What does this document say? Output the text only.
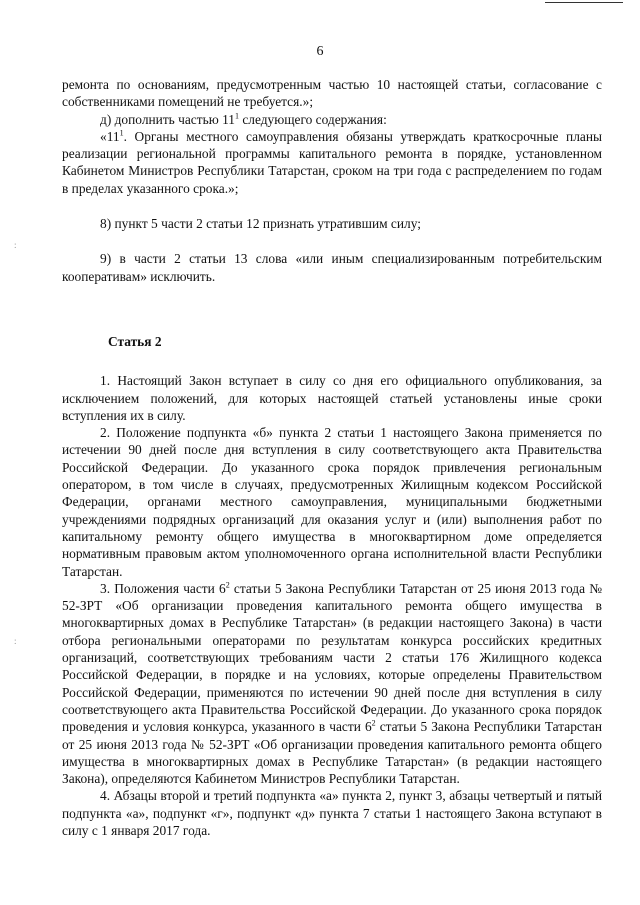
6
:
:

ремонта по основаниям, предусмотренным частью 10 настоящей статьи, согласование с собственниками помещений не требуется.»;

д) дополнить частью $11^1$ следующего содержания:

«$11^1$. Органы местного самоуправления обязаны утверждать краткосрочные планы реализации региональной программы капитального ремонта в порядке, установленном Кабинетом Министров Республики Татарстан, сроком на три года с распределением по годам в пределах указанного срока.»;

8) пункт 5 части 2 статьи 12 признать утратившим силу;

9) в части 2 статьи 13 слова «или иным специализированным потребительским кооперативам» исключить.

Статья 2

1. Настоящий Закон вступает в силу со дня его официального опубликования, за исключением положений, для которых настоящей статьей установлены иные сроки вступления их в силу.

2. Положение подпункта «б» пункта 2 статьи 1 настоящего Закона применяется по истечении 90 дней после дня вступления в силу соответствующего акта Правительства Российской Федерации. До указанного срока порядок привлечения региональным оператором, в том числе в случаях, предусмотренных Жилищным кодексом Российской Федерации, органами местного самоуправления, муниципальными бюджетными учреждениями подрядных организаций для оказания услуг и (или) выполнения работ по капитальному ремонту общего имущества в многоквартирном доме определяется нормативным правовым актом уполномоченного органа исполнительной власти Республики Татарстан.

3. Положения части $6^2$ статьи 5 Закона Республики Татарстан от 25 июня 2013 года № 52-ЗРТ «Об организации проведения капитального ремонта общего имущества в многоквартирных домах в Республике Татарстан» (в редакции настоящего Закона) в части отбора региональными операторами по результатам конкурса российских кредитных организаций, соответствующих требованиям части 2 статьи 176 Жилищного кодекса Российской Федерации, в порядке и на условиях, которые определены Правительством Российской Федерации, применяются по истечении 90 дней после дня вступления в силу соответствующего акта Правительства Российской Федерации. До указанного срока порядок проведения и условия конкурса, указанного в части $6^2$ статьи 5 Закона Республики Татарстан от 25 июня 2013 года № 52-ЗРТ «Об организации проведения капитального ремонта общего имущества в многоквартирных домах в Республике Татарстан» (в редакции настоящего Закона), определяются Кабинетом Министров Республики Татарстан.

4. Абзацы второй и третий подпункта «а» пункта 2, пункт 3, абзацы четвертый и пятый подпункта «а», подпункт «г», подпункт «д» пункта 7 статьи 1 настоящего Закона вступают в силу с 1 января 2017 года.
